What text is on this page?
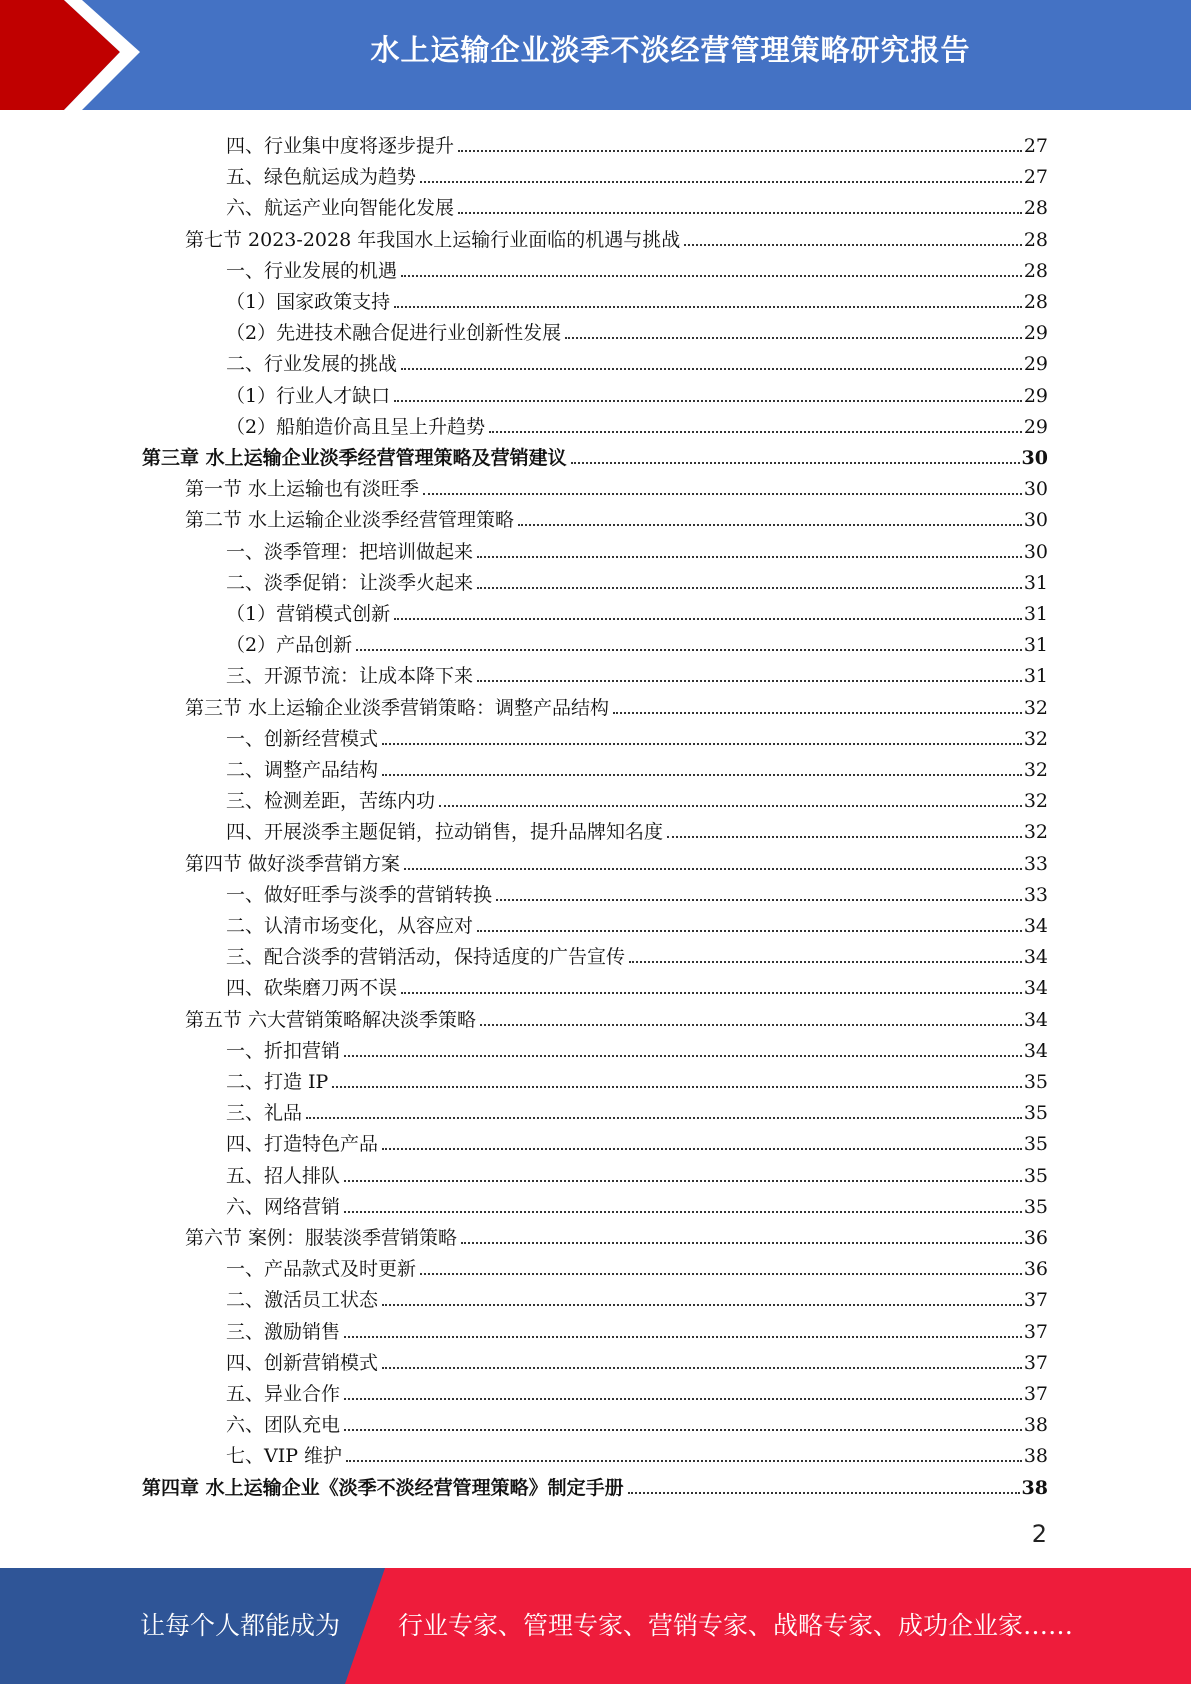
水上运输企业淡季不淡经营管理策略研究报告
四、行业集中度将逐步提升	27
五、绿色航运成为趋势	27
六、航运产业向智能化发展	28
第七节 2023-2028 年我国水上运输行业面临的机遇与挑战	28
一、行业发展的机遇	28
（1）国家政策支持	28
（2）先进技术融合促进行业创新性发展	29
二、行业发展的挑战	29
（1）行业人才缺口	29
（2）船舶造价高且呈上升趋势	29
第三章 水上运输企业淡季经营管理策略及营销建议	30
第一节 水上运输也有淡旺季	30
第二节 水上运输企业淡季经营管理策略	30
一、淡季管理：把培训做起来	30
二、淡季促销：让淡季火起来	31
（1）营销模式创新	31
（2）产品创新	31
三、开源节流：让成本降下来	31
第三节 水上运输企业淡季营销策略：调整产品结构	32
一、创新经营模式	32
二、调整产品结构	32
三、检测差距，苦练内功	32
四、开展淡季主题促销，拉动销售，提升品牌知名度	32
第四节 做好淡季营销方案	33
一、做好旺季与淡季的营销转换	33
二、认清市场变化，从容应对	34
三、配合淡季的营销活动，保持适度的广告宣传	34
四、砍柴磨刀两不误	34
第五节 六大营销策略解决淡季策略	34
一、折扣营销	34
二、打造 IP	35
三、礼品	35
四、打造特色产品	35
五、招人排队	35
六、网络营销	35
第六节 案例：服装淡季营销策略	36
一、产品款式及时更新	36
二、激活员工状态	37
三、激励销售	37
四、创新营销模式	37
五、异业合作	37
六、团队充电	38
七、VIP 维护	38
第四章 水上运输企业《淡季不淡经营管理策略》制定手册	38
2
让每个人都能成为 行业专家、管理专家、营销专家、战略专家、成功企业家……
